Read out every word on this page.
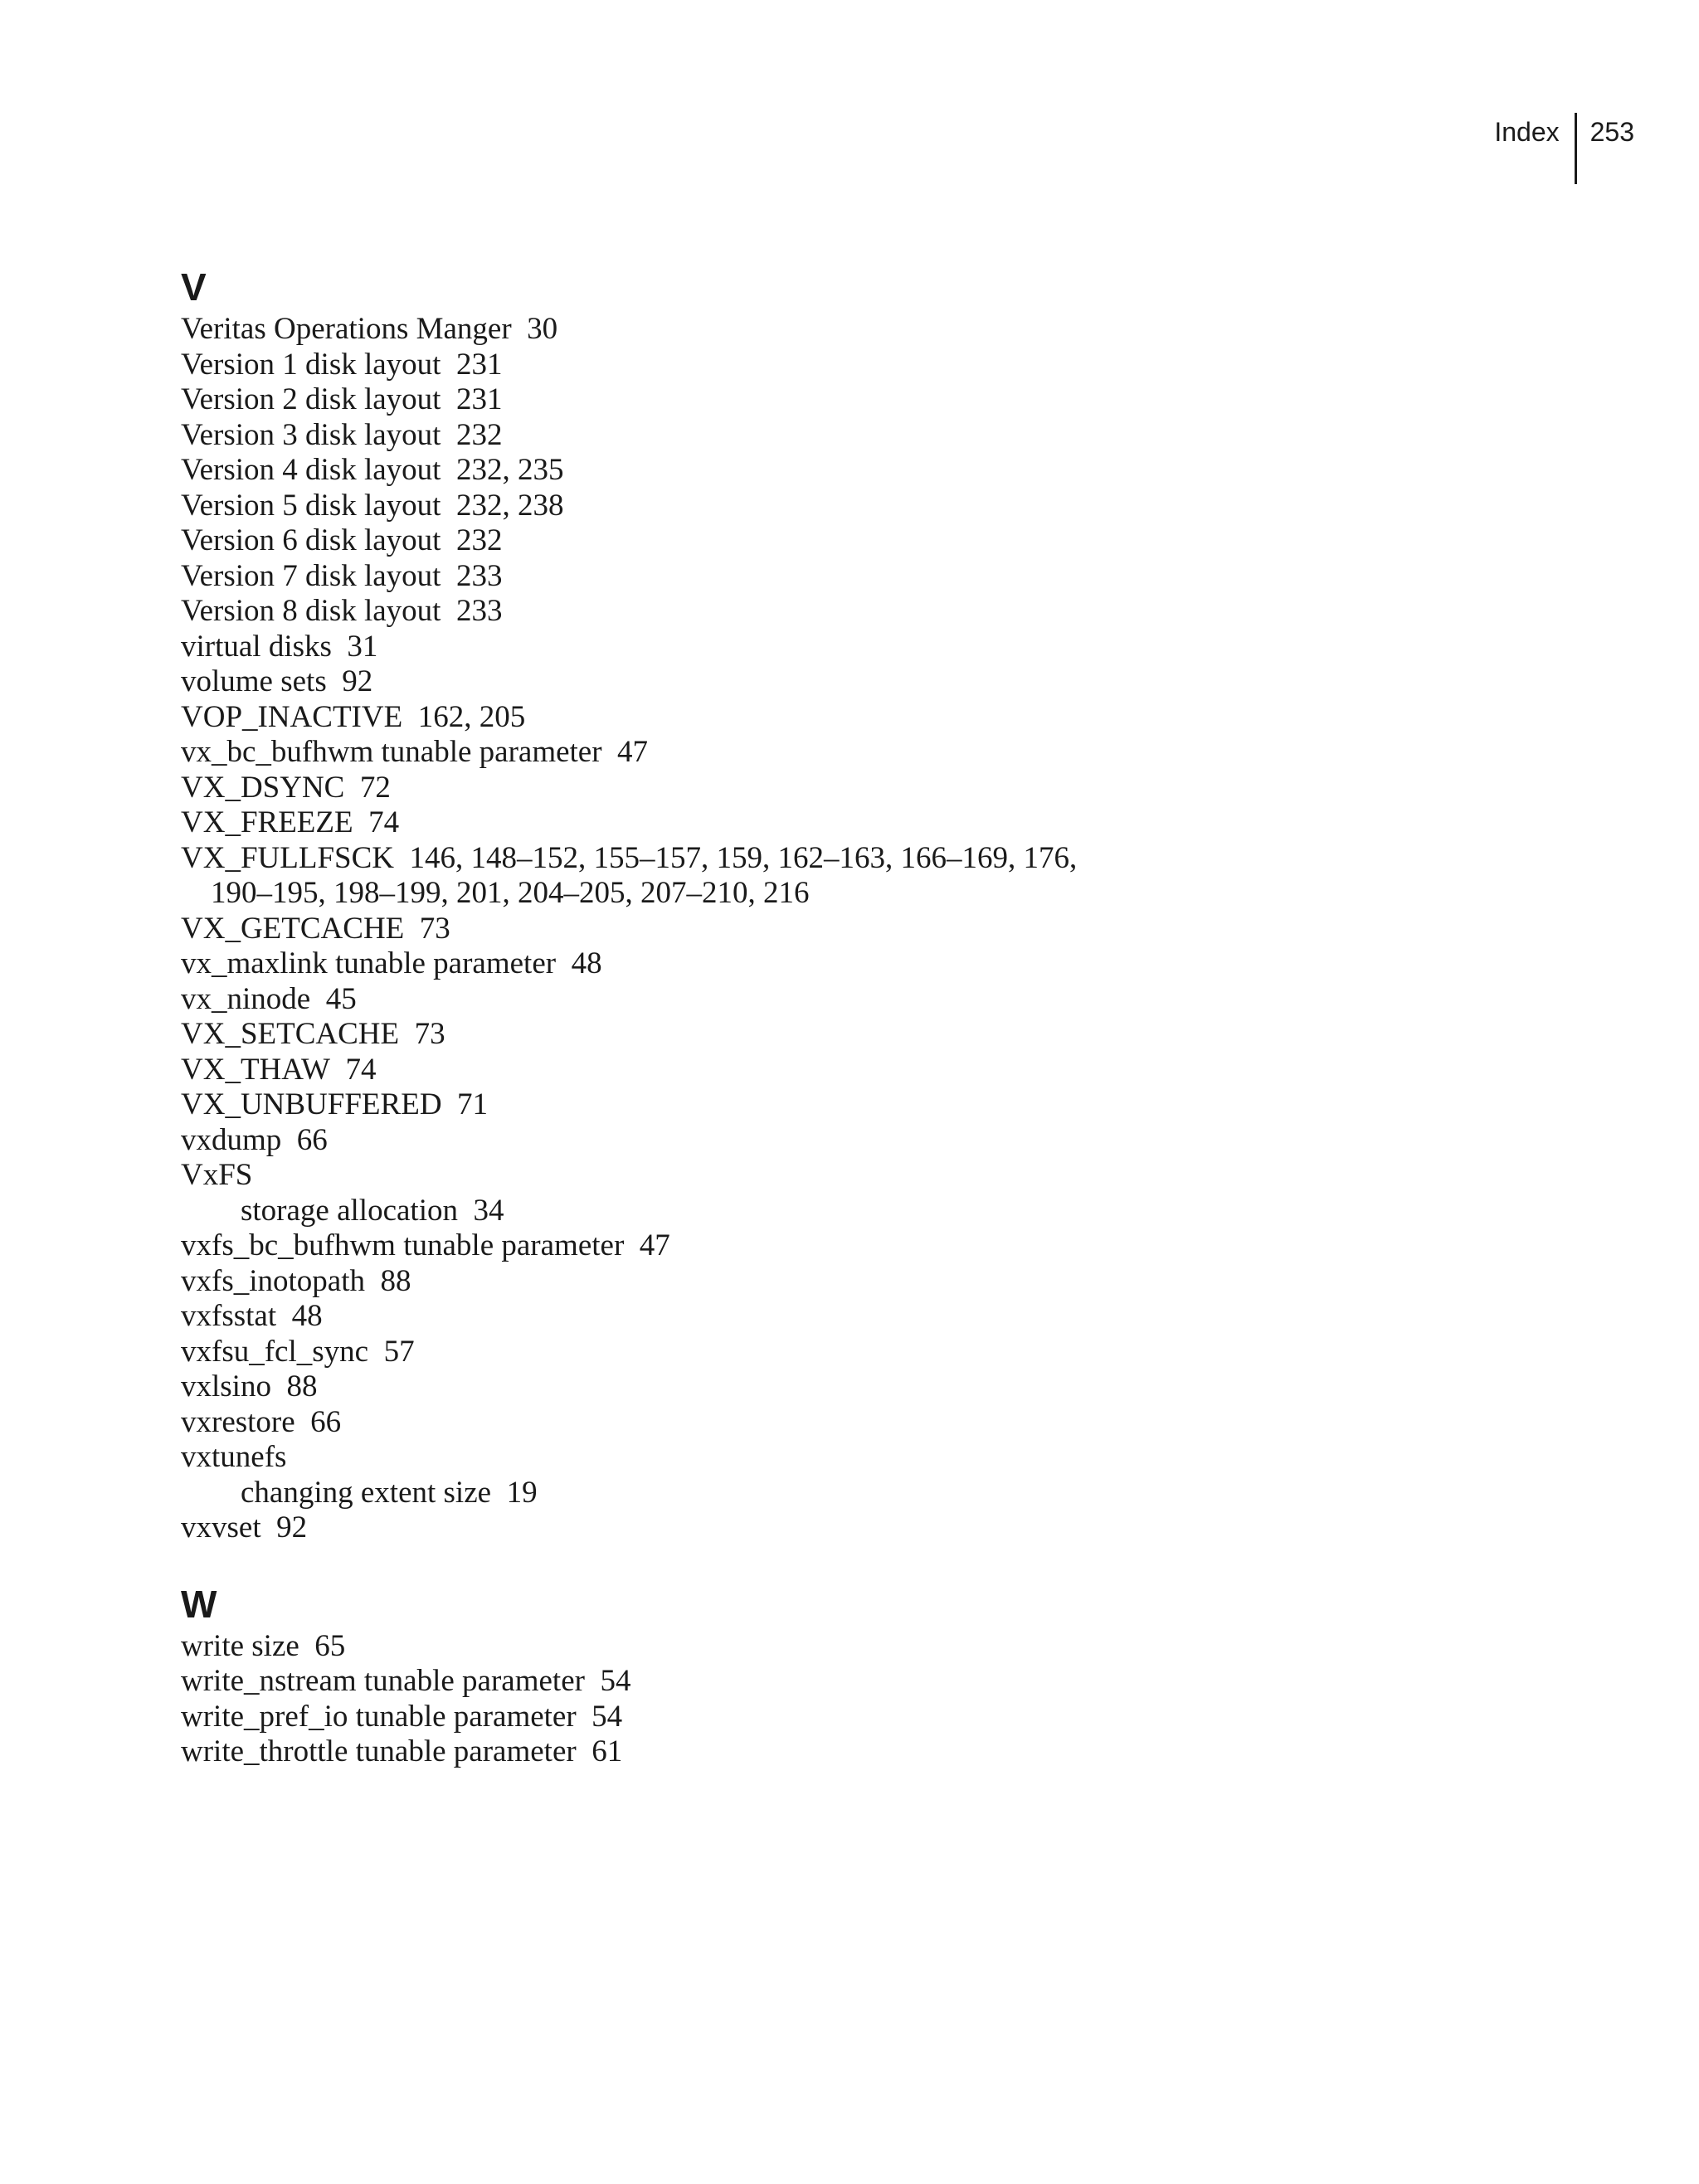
Index	253
V

Veritas Operations Manger 30

Version 1 disk layout 231

Version 2 disk layout 231

Version 3 disk layout 232

Version 4 disk layout 232, 235

Version 5 disk layout 232, 238

Version 6 disk layout 232

Version 7 disk layout 233

Version 8 disk layout 233

virtual disks 31

volume sets 92

VOP_INACTIVE 162, 205

vx_bc_bufhwm tunable parameter 47

VX_DSYNC 72

VX_FREEZE 74

VX_FULLFSCK 146, 148–152, 155–157, 159, 162–163, 166–169, 176, 190–195, 198–199, 201, 204–205, 207–210, 216

VX_GETCACHE 73

vx_maxlink tunable parameter 48

vx_ninode 45

VX_SETCACHE 73

VX_THAW 74

VX_UNBUFFERED 71

vxdump 66

VxFS

storage allocation 34

vxfs_bc_bufhwm tunable parameter 47

vxfs_inotopath 88

vxfsstat 48

vxfsu_fcl_sync 57

vxlsino 88

vxrestore 66

vxtunefs

changing extent size 19

vxvset 92

W

write size 65

write_nstream tunable parameter 54

write_pref_io tunable parameter 54

write_throttle tunable parameter 61
